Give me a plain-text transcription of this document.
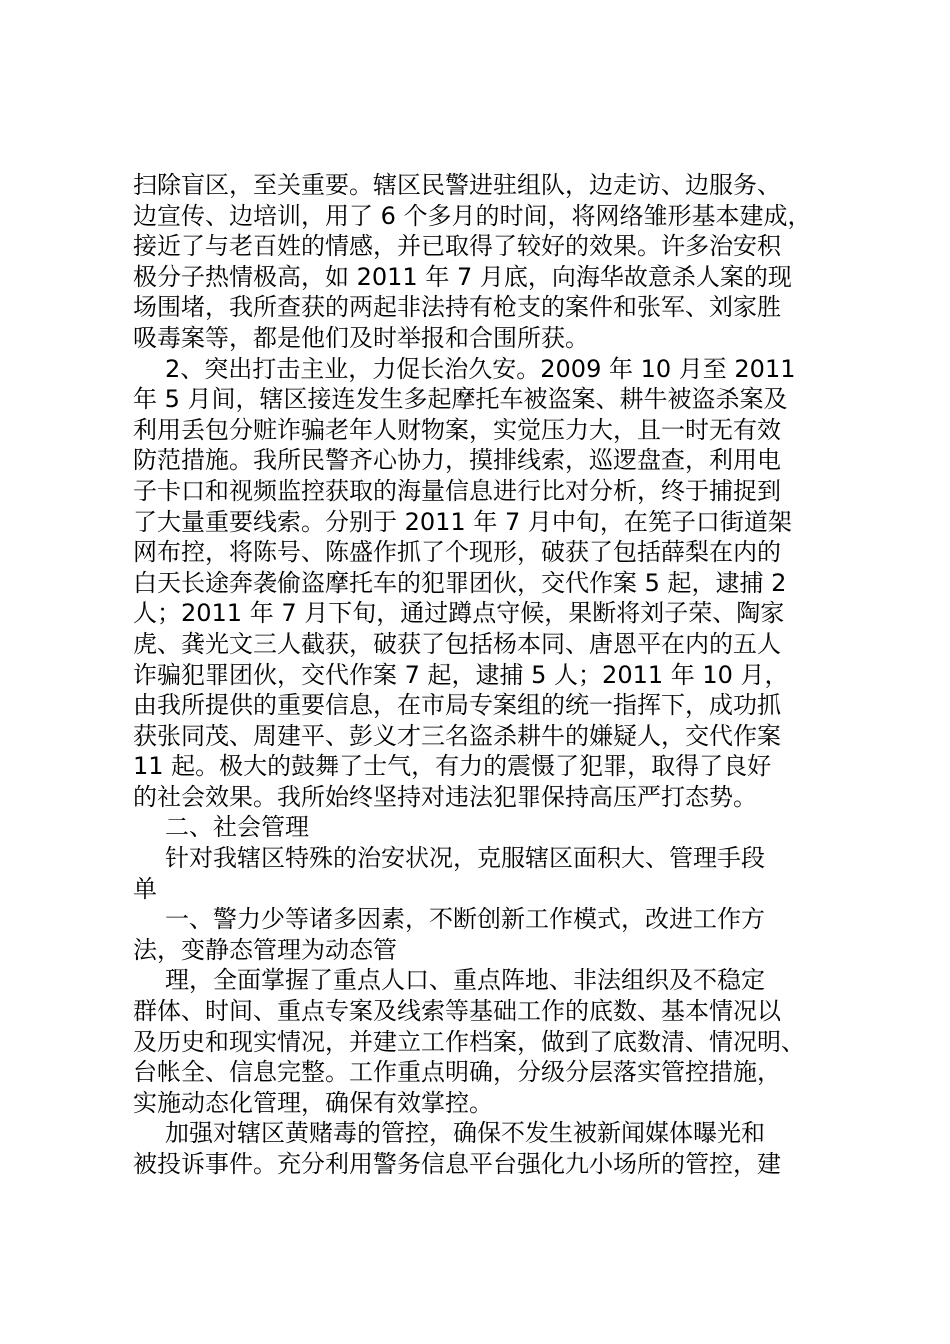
扫除盲区，至关重要。辖区民警进驻组队，边走访、边服务、
边宣传、边培训，用了 6 个多月的时间，将网络雏形基本建成，
接近了与老百姓的情感，并已取得了较好的效果。许多治安积
极分子热情极高，如 2011 年 7 月底，向海华故意杀人案的现
场围堵，我所查获的两起非法持有枪支的案件和张军、刘家胜
吸毒案等，都是他们及时举报和合围所获。
2、突出打击主业，力促长治久安。2009 年 10 月至 2011
年 5 月间，辖区接连发生多起摩托车被盗案、耕牛被盗杀案及
利用丢包分赃诈骗老年人财物案，实觉压力大，且一时无有效
防范措施。我所民警齐心协力，摸排线索，巡逻盘查，利用电
子卡口和视频监控获取的海量信息进行比对分析，终于捕捉到
了大量重要线索。分别于 2011 年 7 月中旬，在筅子口街道架
网布控，将陈号、陈盛作抓了个现形，破获了包括薛梨在内的
白天长途奔袭偷盗摩托车的犯罪团伙，交代作案 5 起，逮捕 2
人；2011 年 7 月下旬，通过蹲点守候，果断将刘子荣、陶家
虎、龚光文三人截获，破获了包括杨本同、唐恩平在内的五人
诈骗犯罪团伙，交代作案 7 起，逮捕 5 人；2011 年 10 月，
由我所提供的重要信息，在市局专案组的统一指挥下，成功抓
获张同茂、周建平、彭义才三名盗杀耕牛的嫌疑人，交代作案
11 起。极大的鼓舞了士气，有力的震慑了犯罪，取得了良好
的社会效果。我所始终坚持对违法犯罪保持高压严打态势。
二、社会管理
针对我辖区特殊的治安状况，克服辖区面积大、管理手段
单
一、警力少等诸多因素，不断创新工作模式，改进工作方
法，变静态管理为动态管
理，全面掌握了重点人口、重点阵地、非法组织及不稳定
群体、时间、重点专案及线索等基础工作的底数、基本情况以
及历史和现实情况，并建立工作档案，做到了底数清、情况明、
台帐全、信息完整。工作重点明确，分级分层落实管控措施，
实施动态化管理，确保有效掌控。
加强对辖区黄赌毒的管控，确保不发生被新闻媒体曝光和
被投诉事件。充分利用警务信息平台强化九小场所的管控，建
